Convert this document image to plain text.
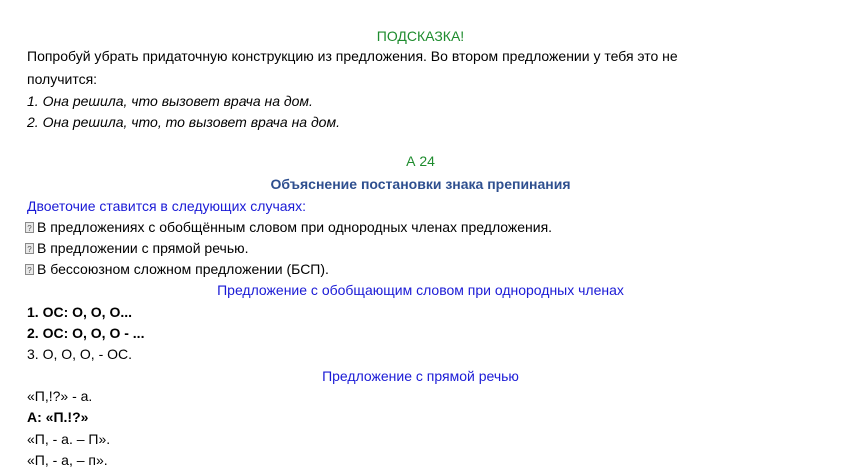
ПОДСКАЗКА!
Попробуй убрать придаточную конструкцию из предложения. Во втором предложении у тебя это не
получится:
1. Она решила, что вызовет врача на дом.
2. Она решила, что, то вызовет врача на дом.
А 24
Объяснение постановки знака препинания
Двоеточие ставится в следующих случаях:
? В предложениях с обобщённым словом при однородных членах предложения.
? В предложении с прямой речью.
? В бессоюзном сложном предложении (БСП).
Предложение с обобщающим словом при однородных членах
1. ОС: О, О, О...
2. ОС: О, О, О - ...
3. О, О, О, - ОС.
Предложение с прямой речью
«П,!?» - а.
А: «П.!?»
«П, - а. – П».
«П, - а, – п».
